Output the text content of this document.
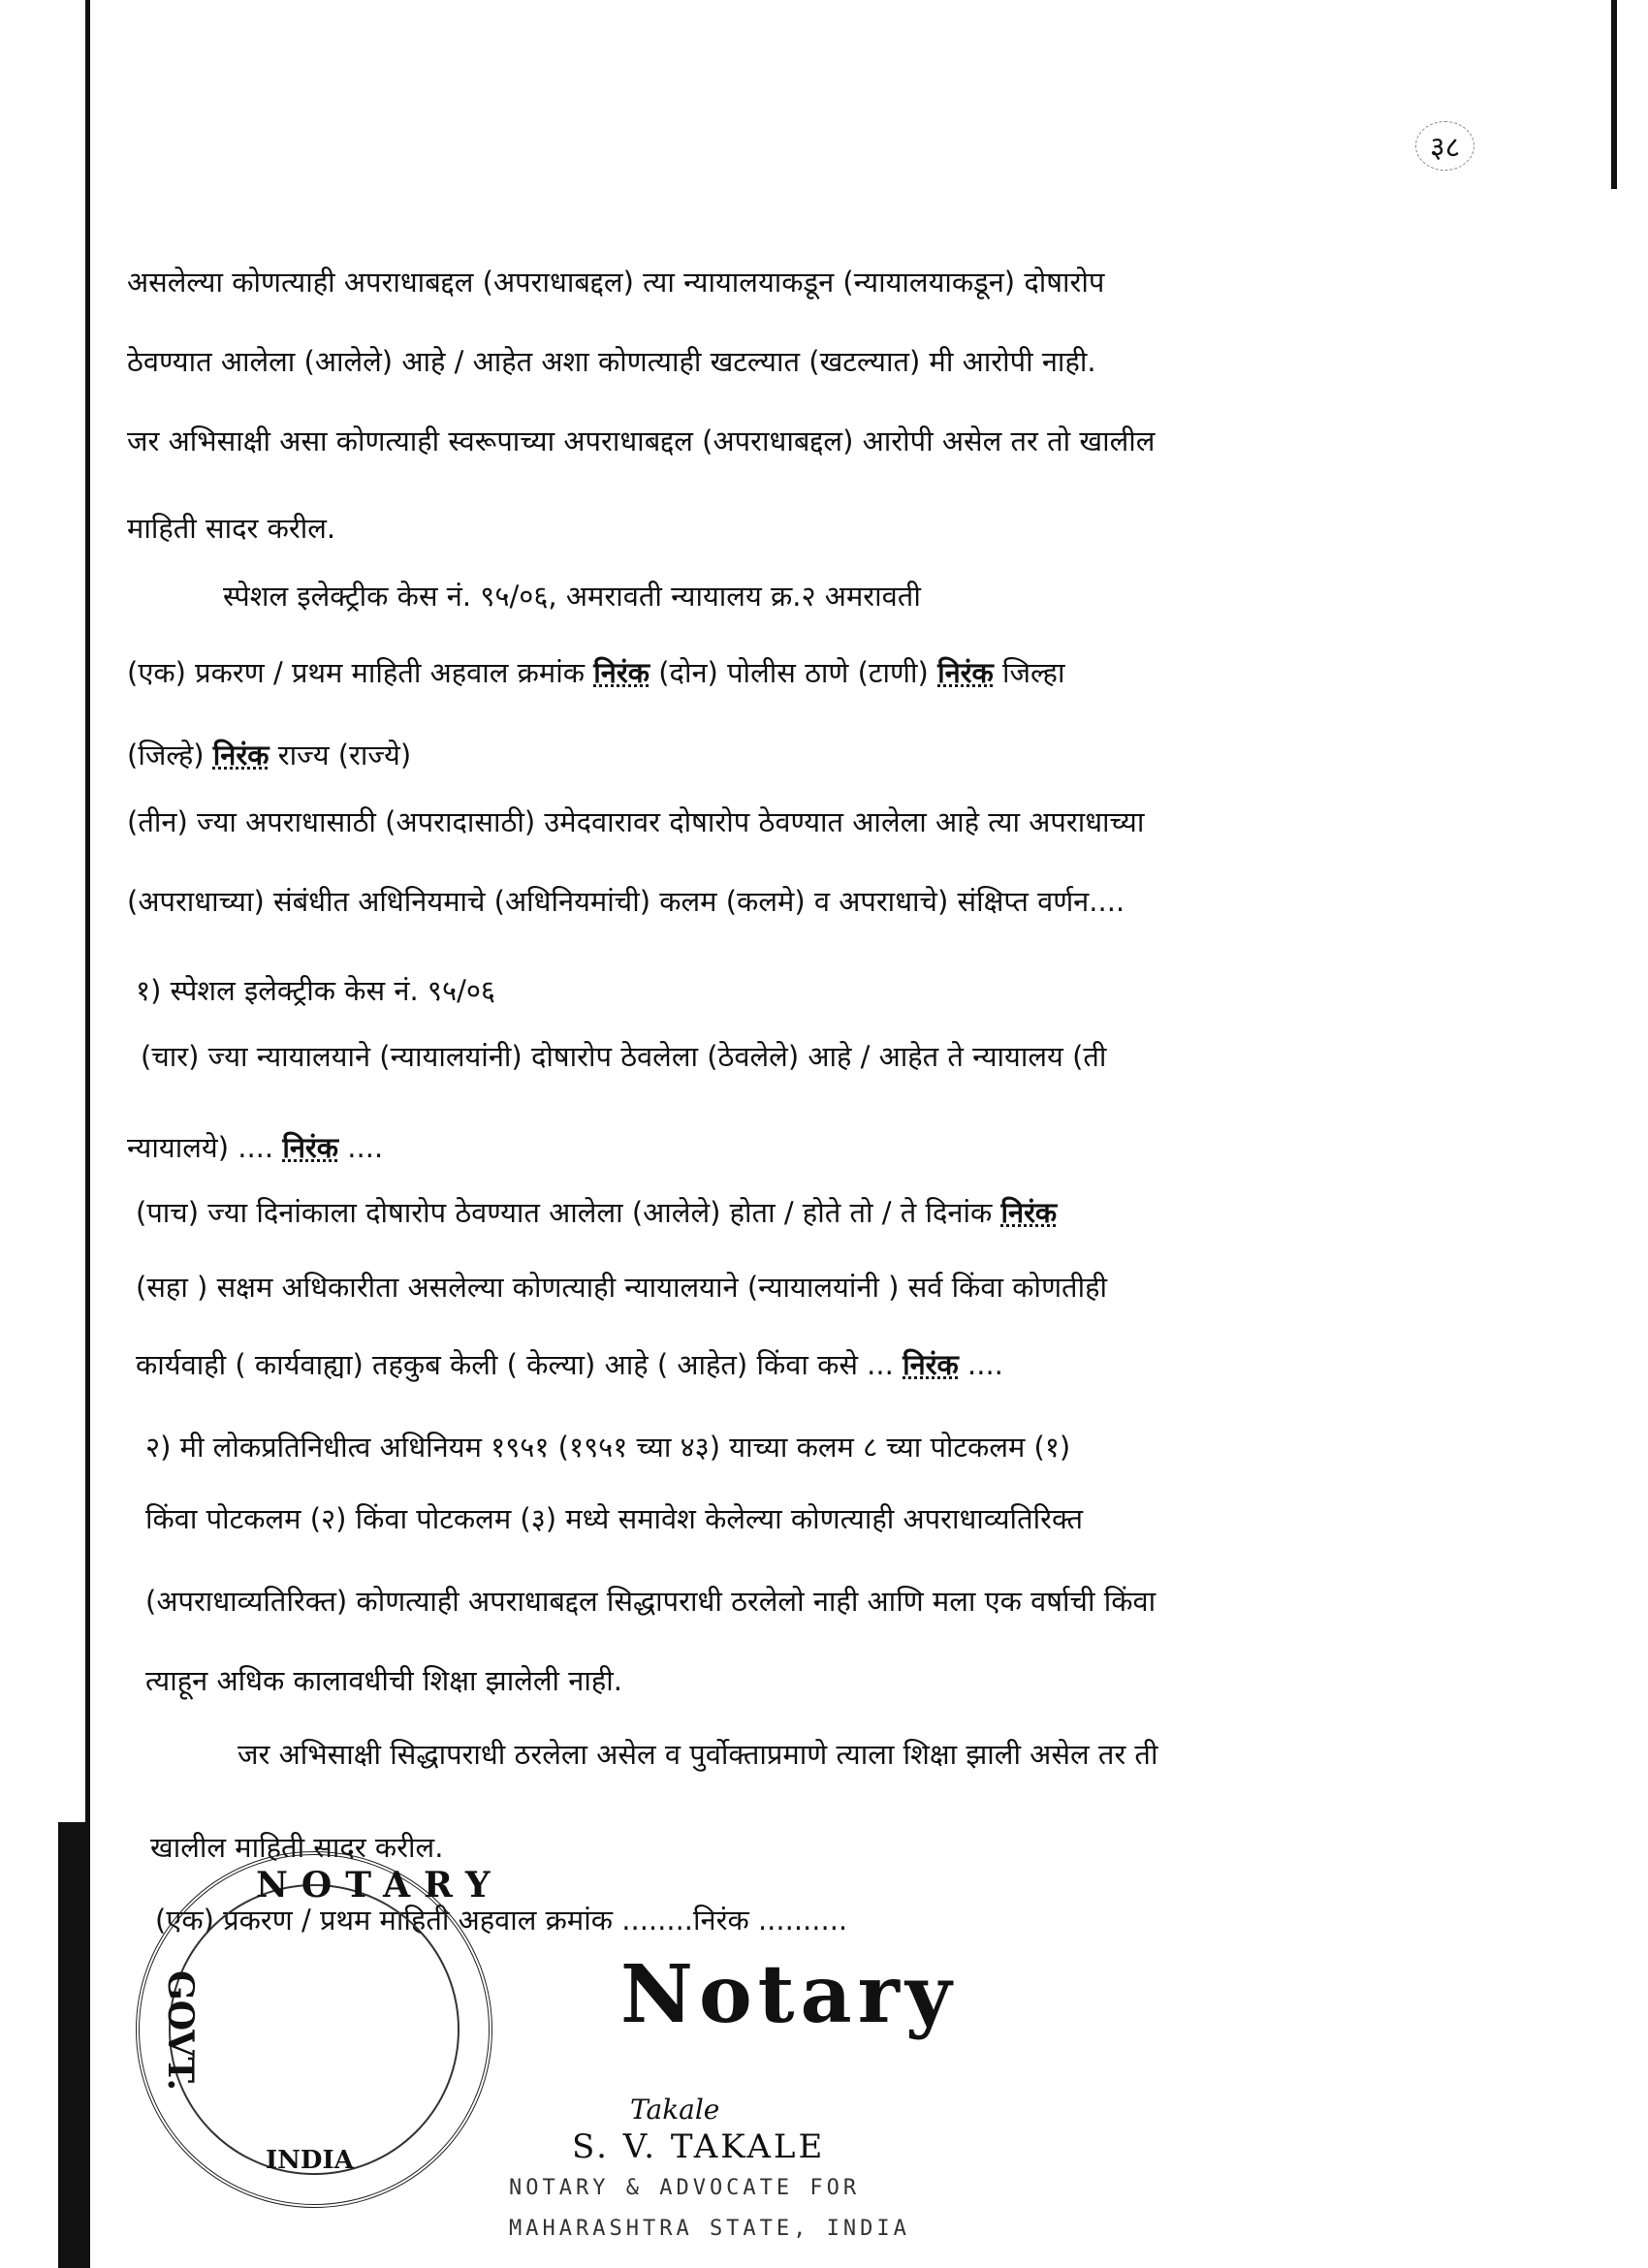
३८
असलेल्या कोणत्याही अपराधाबद्दल (अपराधाबद्दल) त्या न्यायालयाकडून (न्यायालयाकडून) दोषारोप
ठेवण्यात आलेला (आलेले) आहे / आहेत अशा कोणत्याही खटल्यात (खटल्यात) मी आरोपी नाही.
जर अभिसाक्षी असा कोणत्याही स्वरूपाच्या अपराधाबद्दल (अपराधाबद्दल) आरोपी असेल तर तो खालील
माहिती सादर करील.
स्पेशल इलेक्ट्रीक केस नं. ९५/०६, अमरावती न्यायालय क्र.२ अमरावती
(एक) प्रकरण / प्रथम माहिती अहवाल क्रमांक निरंक (दोन) पोलीस ठाणे (टाणी) निरंक जिल्हा
(जिल्हे) निरंक राज्य (राज्ये)
(तीन) ज्या अपराधासाठी (अपरादासाठी) उमेदवारावर दोषारोप ठेवण्यात आलेला आहे त्या अपराधाच्या
(अपराधाच्या) संबंधीत अधिनियमाचे (अधिनियमांची) कलम (कलमे) व अपराधाचे) संक्षिप्त वर्णन....
१) स्पेशल इलेक्ट्रीक केस नं. ९५/०६
(चार) ज्या न्यायालयाने (न्यायालयांनी) दोषारोप ठेवलेला (ठेवलेले) आहे / आहेत ते न्यायालय (ती
न्यायालये) .... निरंक ....
(पाच) ज्या दिनांकाला दोषारोप ठेवण्यात आलेला (आलेले) होता / होते तो / ते दिनांक निरंक
(सहा ) सक्षम अधिकारीता असलेल्या कोणत्याही न्यायालयाने (न्यायालयांनी ) सर्व किंवा कोणतीही
कार्यवाही ( कार्यवाह्या) तहकुब केली ( केल्या) आहे ( आहेत) किंवा कसे ... निरंक ....
२) मी लोकप्रतिनिधीत्व अधिनियम १९५१ (१९५१ च्या ४३) याच्या कलम ८ च्या पोटकलम (१)
किंवा पोटकलम (२) किंवा पोटकलम (३) मध्ये समावेश केलेल्या कोणत्याही अपराधाव्यतिरिक्त
(अपराधाव्यतिरिक्त) कोणत्याही अपराधाबद्दल सिद्धापराधी ठरलेलो नाही आणि मला एक वर्षाची किंवा
त्याहून अधिक कालावधीची शिक्षा झालेली नाही.
जर अभिसाक्षी सिद्धापराधी ठरलेला असेल व पुर्वोक्ताप्रमाणे त्याला शिक्षा झाली असेल तर ती
खालील माहिती सादर करील.
(एक) प्रकरण / प्रथम माहिती अहवाल क्रमांक ........निरंक ..........
NOTARY
GOVT.
INDIA
Notary
Takale
S. V. TAKALE
NOTARY & ADVOCATE FOR
MAHARASHTRA STATE, INDIA
